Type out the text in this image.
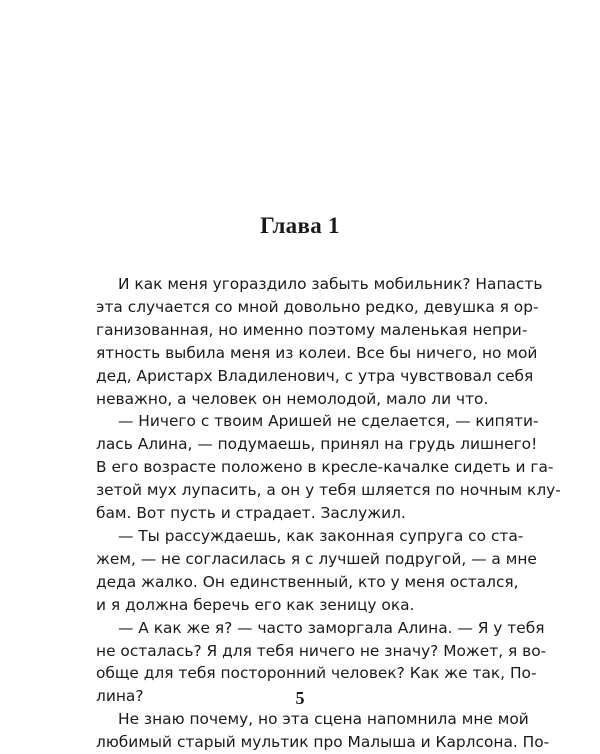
Глава 1
И как меня угораздило забыть мобильник? Напасть
эта случается со мной довольно редко, девушка я ор-
ганизованная, но именно поэтому маленькая непри-
ятность выбила меня из колеи. Все бы ничего, но мой
дед, Аристарх Владиленович, с утра чувствовал себя
неважно, а человек он немолодой, мало ли что.
— Ничего с твоим Аришей не сделается, — кипяти-
лась Алина, — подумаешь, принял на грудь лишнего!
В его возрасте положено в кресле-качалке сидеть и га-
зетой мух лупасить, а он у тебя шляется по ночным клу-
бам. Вот пусть и страдает. Заслужил.
— Ты рассуждаешь, как законная супруга со ста-
жем, — не согласилась я с лучшей подругой, — а мне
деда жалко. Он единственный, кто у меня остался,
и я должна беречь его как зеницу ока.
— А как же я? — часто заморгала Алина. — Я у тебя
не осталась? Я для тебя ничего не значу? Может, я во-
обще для тебя посторонний человек? Как же так, По-
лина?
Не знаю почему, но эта сцена напомнила мне мой
любимый старый мультик про Малыша и Карлсона. По-
5
